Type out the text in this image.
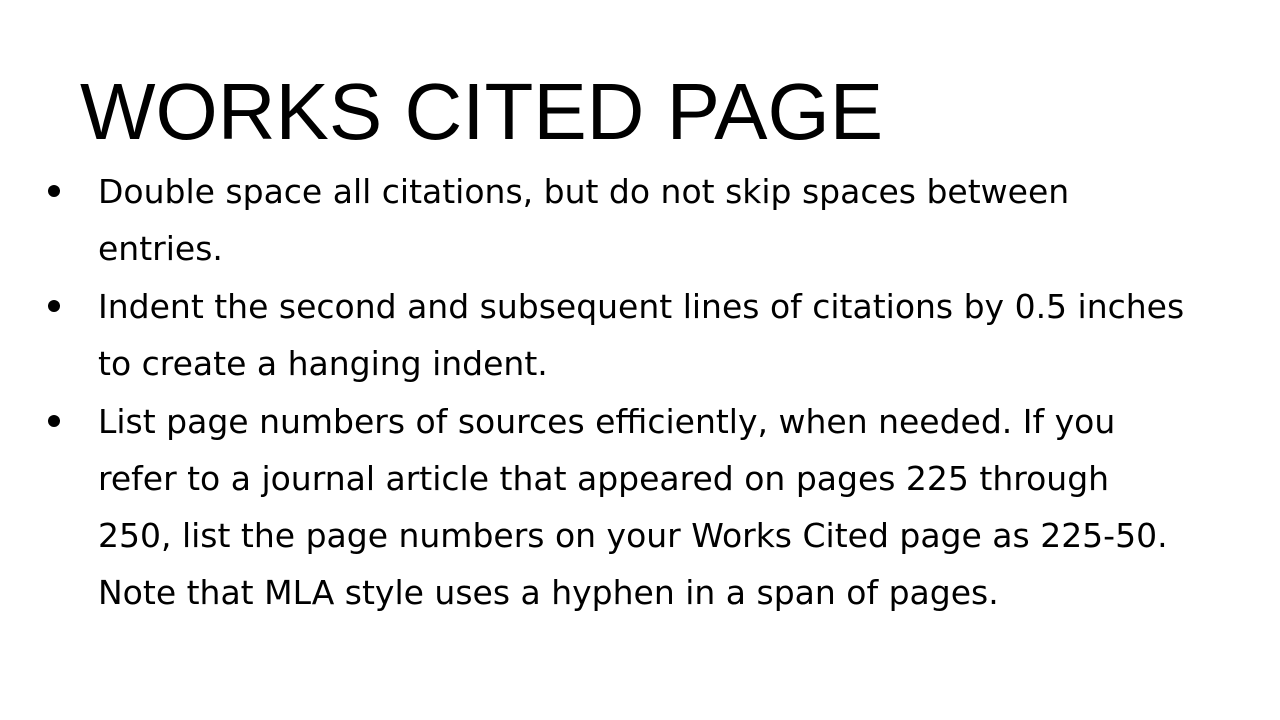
WORKS CITED PAGE
Double space all citations, but do not skip spaces between entries.
Indent the second and subsequent lines of citations by 0.5 inches to create a hanging indent.
List page numbers of sources efficiently, when needed. If you refer to a journal article that appeared on pages 225 through 250, list the page numbers on your Works Cited page as 225-50. Note that MLA style uses a hyphen in a span of pages.
